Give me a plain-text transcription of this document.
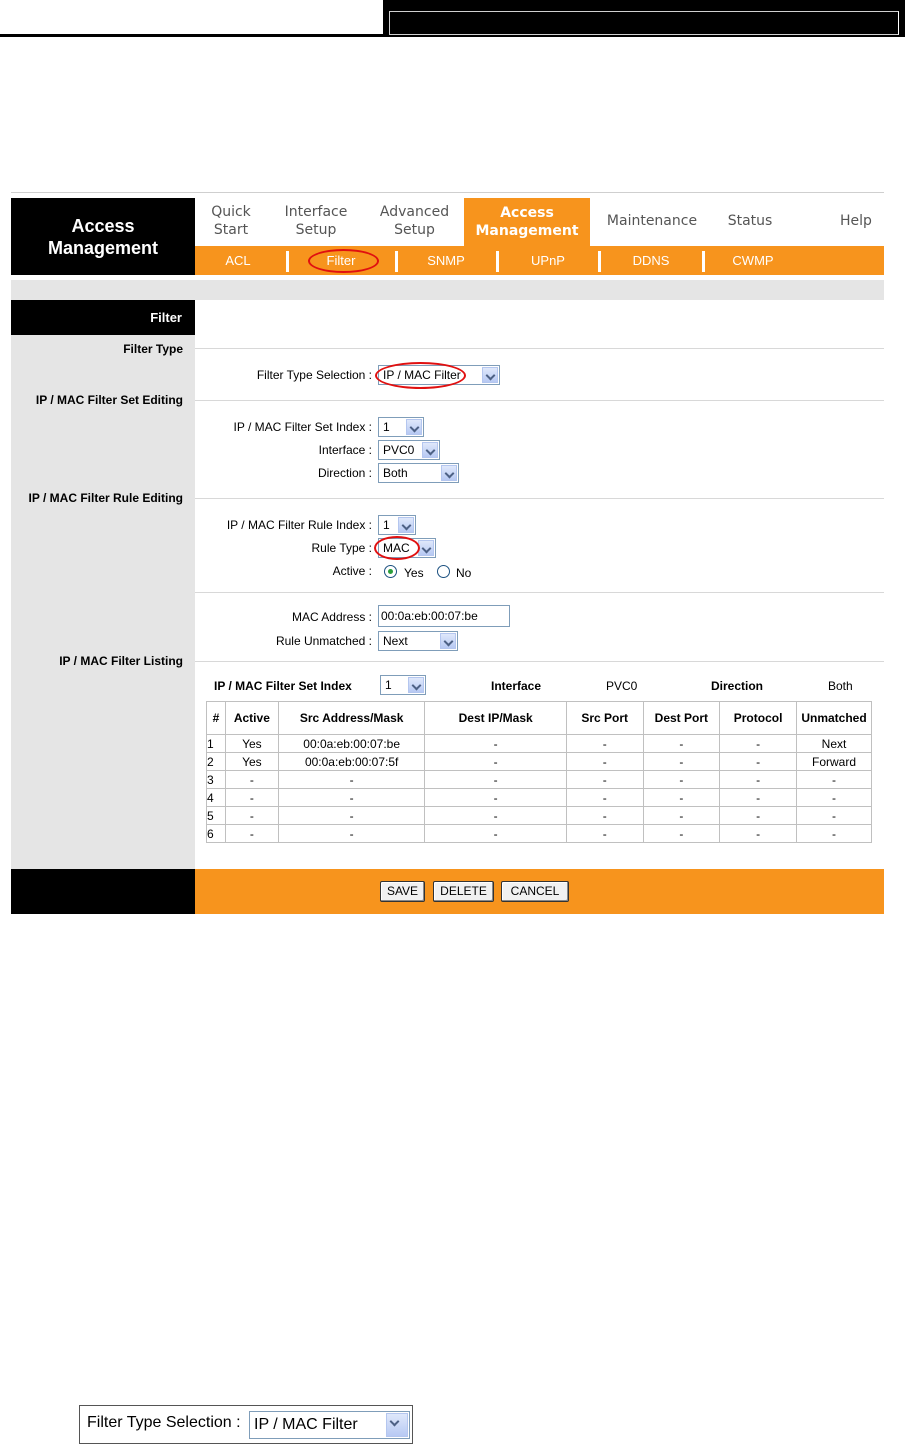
Access
Management
Quick
Start
Interface
Setup
Advanced
Setup
Access
Management
Maintenance Status	Help
ACL	Filter	SNMP	UPnP	DDNS	CWMP
Filter
Filter Type
IP / MAC Filter Set Editing
IP / MAC Filter Rule Editing
IP / MAC Filter Listing
Filter Type Selection : IP / MAC Filter
IP / MAC Filter Set Index : 1
Interface : PVC0
Direction : Both
IP / MAC Filter Rule Index : 1
Rule Type : MAC
Active :	Yes	No
MAC Address : 00:0a:eb:00:07:be
Rule Unmatched : Next
IP / MAC Filter Set Index	1	Interface	PVC0	Direction	Both
#	Active	Src Address/Mask	Dest IP/Mask	Src Port	Dest Port	Protocol	Unmatched
1	Yes	00:0a:eb:00:07:be	-	-	-	-	Next
2	Yes	00:0a:eb:00:07:5f	-	-	-	-	Forward
3	-	-	-	-	-	-	-
4	-	-	-	-	-	-	-
5	-	-	-	-	-	-	-
6	-	-	-	-	-	-	-
SAVE	DELETE	CANCEL
Filter Type Selection : IP / MAC Filter
